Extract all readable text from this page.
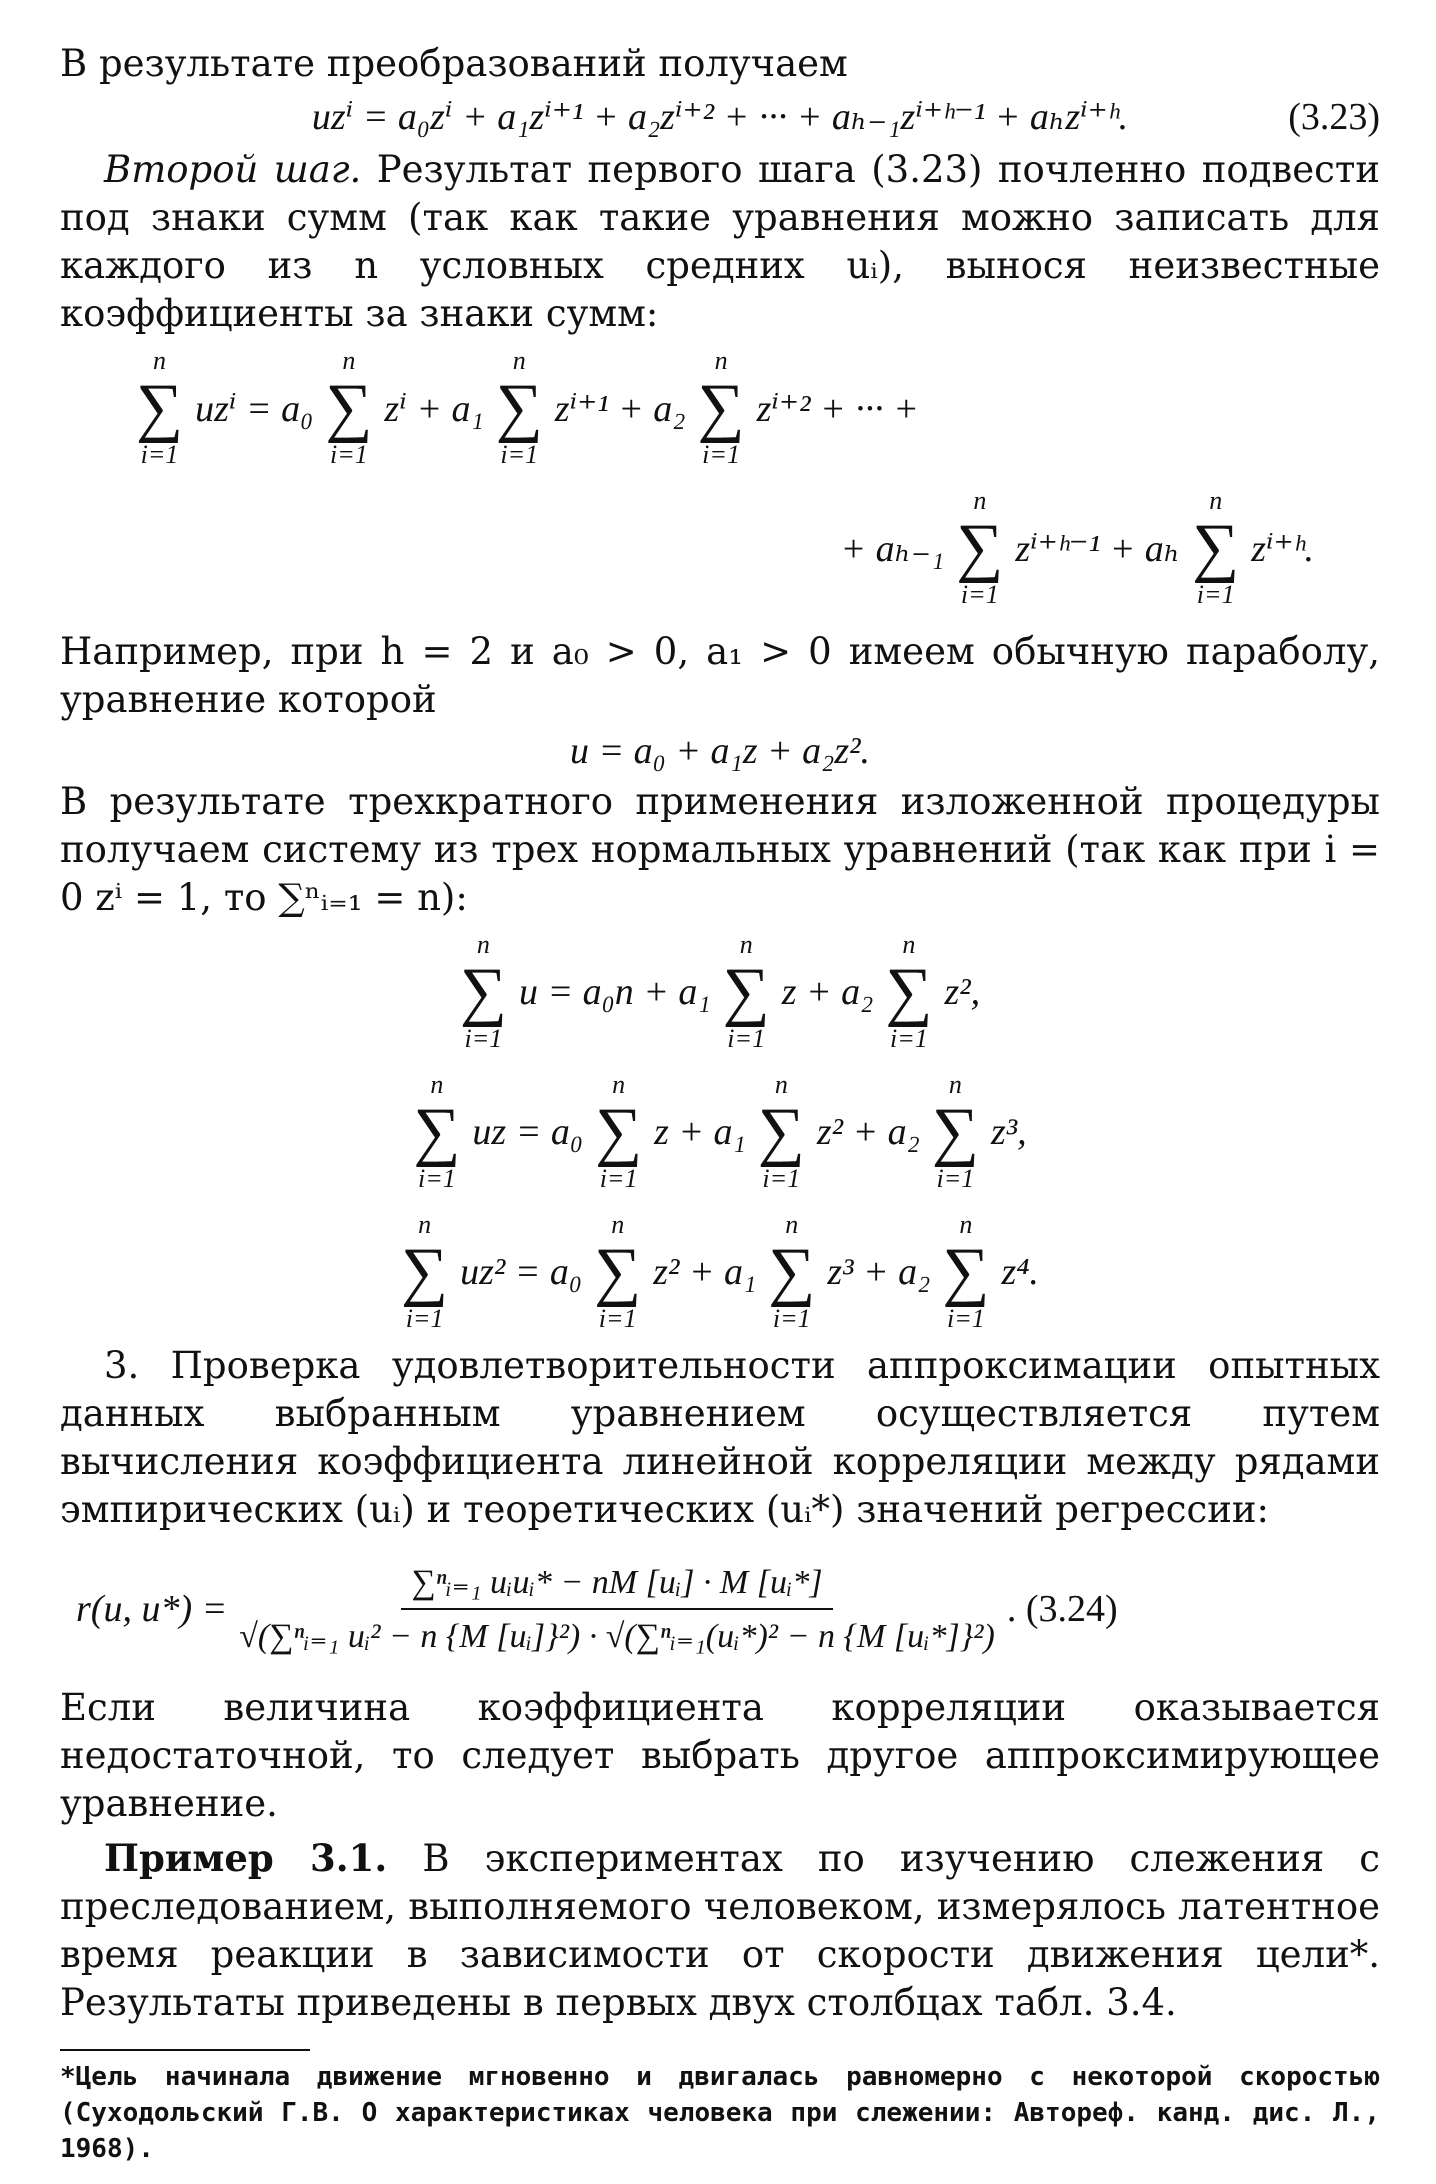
В результате преобразований получаем

uzⁱ = a₀zⁱ + a₁zⁱ⁺¹ + a₂zⁱ⁺² + ··· + aₕ₋₁zⁱ⁺ʰ⁻¹ + aₕzⁱ⁺ʰ.	(3.23)

Второй шаг. Результат первого шага (3.23) почленно подвести под знаки сумм (так как такие уравнения можно записать для каждого из n условных средних uᵢ), вынося неизвестные коэффициенты за знаки сумм:

n
∑
i=1
uzⁱ = a₀
n
∑
i=1
zⁱ + a₁
n
∑
i=1
zⁱ⁺¹ + a₂
n
∑
i=1
zⁱ⁺² + ··· +
+ aₕ₋₁
n
∑
i=1
zⁱ⁺ʰ⁻¹ + aₕ
n
∑
i=1
zⁱ⁺ʰ.

Например, при h = 2 и a₀ > 0, a₁ > 0 имеем обычную параболу, уравнение которой

u = a₀ + a₁z + a₂z².

В результате трехкратного применения изложенной процедуры получаем систему из трех нормальных уравнений (так как при i = 0 zⁱ = 1, то ∑ⁿᵢ₌₁ = n):

n
∑
i=1
u = a₀n + a₁
n
∑
i=1
z + a₂
n
∑
i=1
z²,
n
∑
i=1
uz = a₀
n
∑
i=1
z + a₁
n
∑
i=1
z² + a₂
n
∑
i=1
z³,
n
∑
i=1
uz² = a₀
n
∑
i=1
z² + a₁
n
∑
i=1
z³ + a₂
n
∑
i=1
z⁴.

3. Проверка удовлетворительности аппроксимации опытных данных выбранным уравнением осуществляется путем вычисления коэффициента линейной корреляции между рядами эмпирических (uᵢ) и теоретических (uᵢ*) значений регрессии:

r(u, $u*) = \frac{\text{∑ⁿᵢ₌₁ uᵢuᵢ* − nM [uᵢ] · M [uᵢ*]}}{\text{√(∑ⁿᵢ₌₁ uᵢ² − n \{M [uᵢ]\}²) · √(∑ⁿᵢ₌₁(uᵢ*)² − n \{M [uᵢ*]\}²)}}$ . (3.24)

Если величина коэффициента корреляции оказывается недостаточной, то следует выбрать другое аппроксимирующее уравнение.

Пример 3.1. В экспериментах по изучению слежения с преследованием, выполняемого человеком, измерялось латентное время реакции в зависимости от скорости движения цели*. Результаты приведены в первых двух столбцах табл. 3.4.

*Цель начинала движение мгновенно и двигалась равномерно с некоторой скоростью (Суходольский Г.В. О характеристиках человека при слежении: Автореф. канд. дис. Л., 1968).
